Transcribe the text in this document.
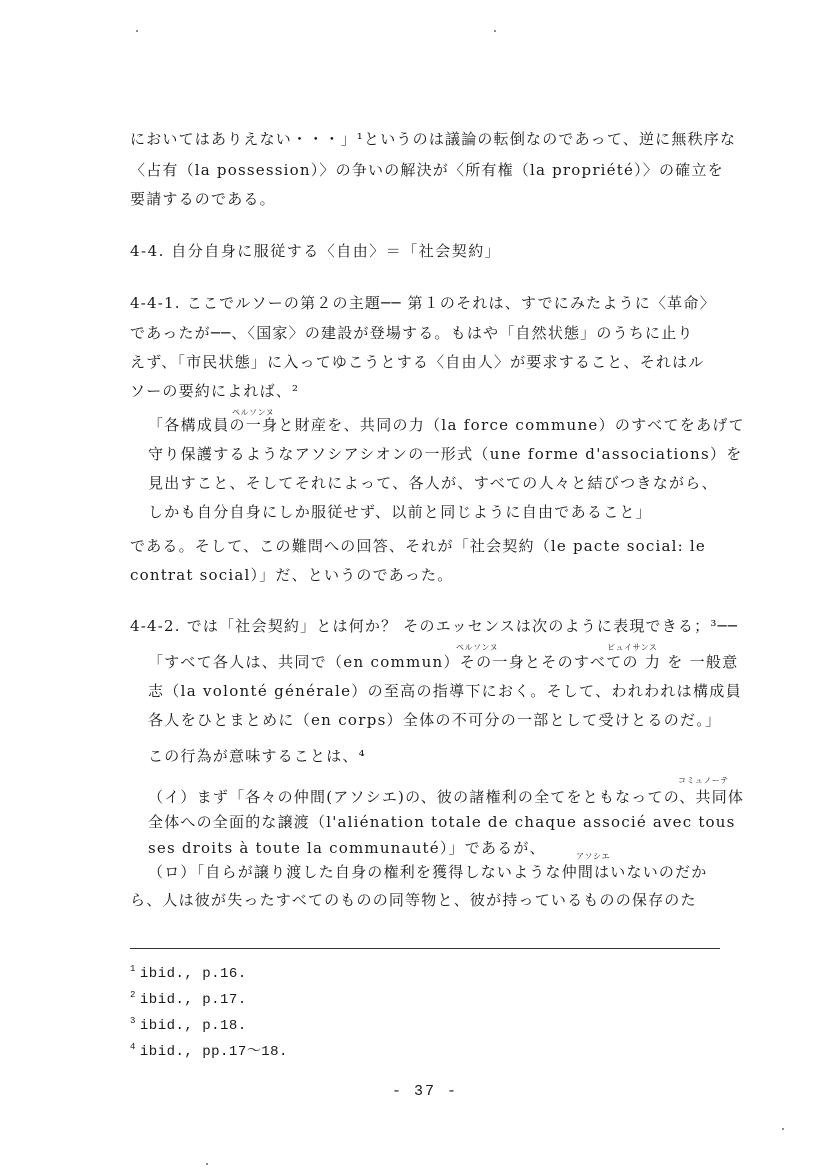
においてはありえない・・・」¹というのは議論の転倒なのであって、逆に無秩序な
〈占有（la possession）〉の争いの解決が〈所有権（la propriété）〉の確立を
要請するのである。
4-4. 自分自身に服従する〈自由〉＝「社会契約」
4-4-1. ここでルソーの第２の主題── 第１のそれは、すでにみたように〈革命〉
であったが──、〈国家〉の建設が登場する。もはや「自然状態」のうちに止り
えず、「市民状態」に入ってゆこうとする〈自由人〉が要求すること、それはル
ソーの要約によれば、²
ペルソンヌ
「各構成員の一身と財産を、共同の力（la force commune）のすべてをあげて
守り保護するようなアソシアシオンの一形式（une forme d'associations）を
見出すこと、そしてそれによって、各人が、すべての人々と結びつきながら、
しかも自分自身にしか服従せず、以前と同じように自由であること」
である。そして、この難問への回答、それが「社会契約（le pacte social: le
contrat social）」だ、というのであった。
4-4-2. では「社会契約」とは何か？ そのエッセンスは次のように表現できる；³──
ペルソンヌ	ピュイサンス
「すべて各人は、共同で（en commun）その一身とそのすべての 力 を 一般意
志（la volonté générale）の至高の指導下におく。そして、われわれは構成員
各人をひとまとめに（en corps）全体の不可分の一部として受けとるのだ。」
この行為が意味することは、⁴
コミュノーテ
（イ）まず「各々の仲間(アソシエ)の、彼の諸権利の全てをともなっての、共同体
全体への全面的な譲渡（l'aliénation totale de chaque associé avec tous
ses droits à toute la communauté）」であるが、	アソシエ
（ロ）「自らが譲り渡した自身の権利を獲得しないような仲間はいないのだか
ら、人は彼が失ったすべてのものの同等物と、彼が持っているものの保存のた
$^1$ ibid., p.16.
$^2$ ibid., p.17.
$^3$ ibid., p.18.
$^4$ ibid., pp.17～18.
- 37 -
